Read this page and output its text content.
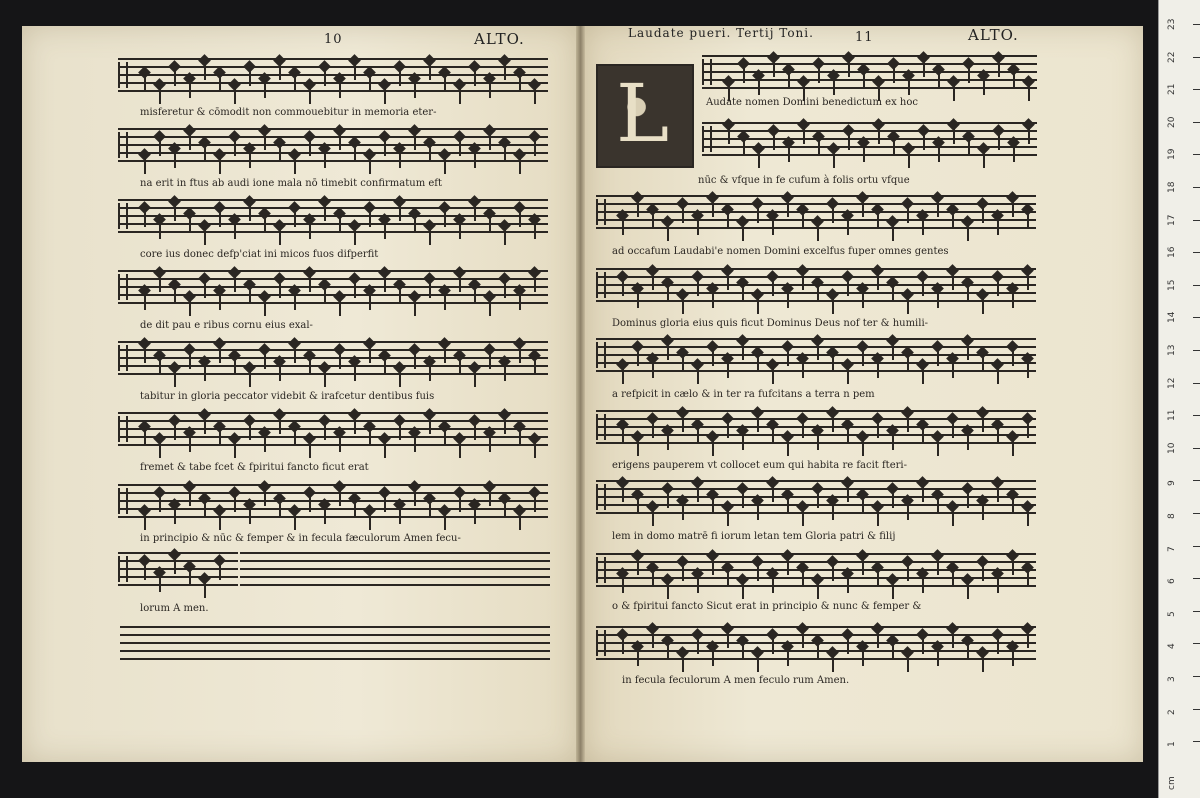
10	ALTO.	Laudate pueri. Tertij Toni.	11	ALTO.
L
misferetur & cōmodit non commouebitur in memoria eter-
na erit in ftus ab audi ione mala nō timebit confirmatum eft
core ius donec defp'ciat ini micos fuos difperfit
de dit pau e ribus cornu eius exal-
tabitur in gloria peccator videbit & irafcetur dentibus fuis
fremet & tabe fcet & fpiritui fancto ficut erat
in principio & nūc & femper & in fecula fæculorum Amen fecu-
lorum A men.
Audate nomen Domini benedictum ex hoc
nūc & vfque in fe cufum à folis ortu vfque
ad occafum Laudabi'e nomen Domini excelfus fuper omnes gentes
Dominus gloria eius quis ficut Dominus Deus nof ter & humili-
a refpicit in cælo & in ter ra fufcitans a terra n pem
erigens pauperem vt collocet eum qui habita re facit fteri-
lem in domo matrē fi iorum letan tem Gloria patri & filij
o & fpiritui fancto Sicut erat in principio & nunc & femper &
in fecula feculorum A men feculo rum Amen.
23
22
21
20
19
18
17
16
15
14
13
12
11
10
9
8
7
6
5
4
3
2
1
cm
